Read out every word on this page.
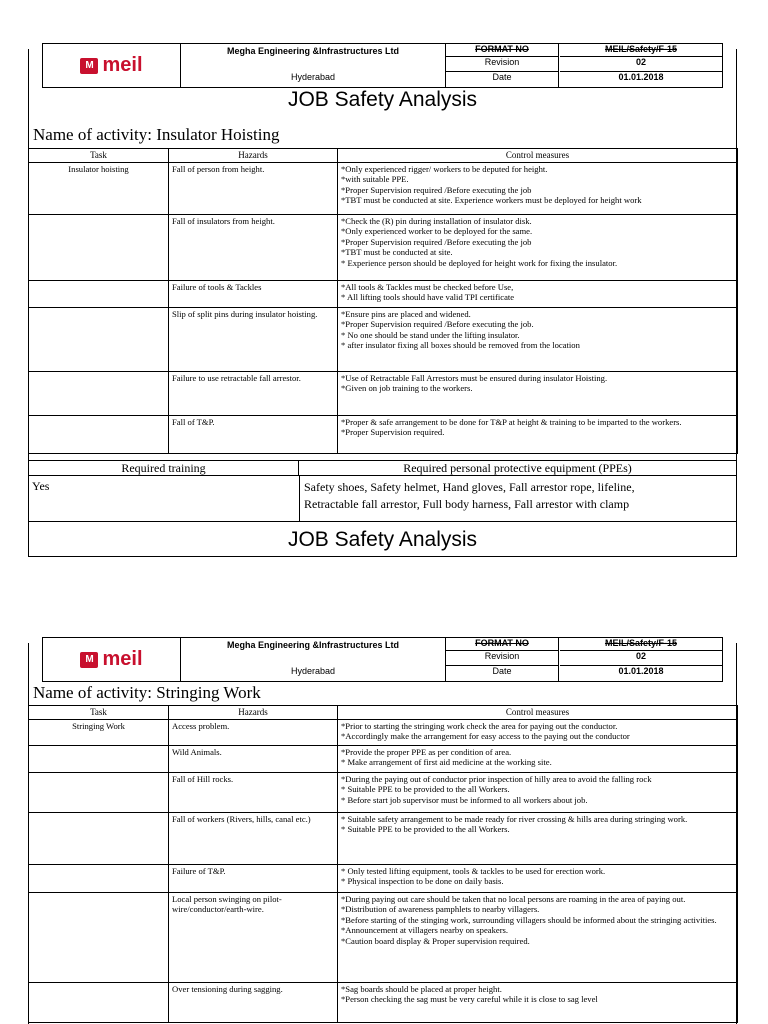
M meil
Megha Engineering &Infrastructures Ltd
Hyderabad
FORMAT NO
Revision
Date
MEIL/Safety/F-15
02
01.01.2018
JOB Safety Analysis
Name of activity: Insulator Hoisting
Task	Hazards	Control measures
Insulator hoisting	Fall of person from height.	*Only experienced rigger/ workers to be deputed for height.
*with suitable PPE.
*Proper Supervision required /Before executing the job
*TBT must be conducted at site. Experience workers must be deployed for height work

	Fall of insulators from height.	*Check the (R) pin during installation of insulator disk.
*Only experienced worker to be deployed for the same.
*Proper Supervision required /Before executing the job
*TBT must be conducted at site.
* Experience person should be deployed for height work for fixing the insulator.

	Failure of tools & Tackles	*All tools & Tackles must be checked before Use,
* All lifting tools should have valid TPI certificate

	Slip of split pins during insulator hoisting.	*Ensure pins are placed and widened.
*Proper Supervision required /Before executing the job.
* No one should be stand under the lifting insulator.
* after insulator fixing all boxes should be removed from the location

	Failure to use retractable fall arrestor.	*Use of Retractable Fall Arrestors must be ensured during insulator Hoisting.
*Given on job training to the workers.

	Fall of T&P.	*Proper & safe arrangement to be done for T&P at height & training to be imparted to the workers.
*Proper Supervision required.
Required training	Required personal protective equipment (PPEs)
Yes	Safety shoes, Safety helmet, Hand gloves, Fall arrestor rope, lifeline,
Retractable fall arrestor, Full body harness, Fall arrestor with clamp
JOB Safety Analysis
M meil
Megha Engineering &Infrastructures Ltd
Hyderabad
FORMAT NO
Revision
Date
MEIL/Safety/F-15
02
01.01.2018
Name of activity: Stringing Work
Task	Hazards	Control measures
Stringing Work	Access problem.	*Prior to starting the stringing work check the area for paying out the conductor.
*Accordingly make the arrangement for easy access to the paying out the conductor

	Wild Animals.	*Provide the proper PPE as per condition of area.
* Make arrangement of first aid medicine at the working site.

	Fall of Hill rocks.	*During the paying out of conductor prior inspection of hilly area to avoid the falling rock
* Suitable PPE to be provided to the all Workers.
* Before start job supervisor must be informed to all workers about job.

	Fall of workers (Rivers, hills, canal etc.)	* Suitable safety arrangement to be made ready for river crossing & hills area during stringing work.
* Suitable PPE to be provided to the all Workers.

	Failure of T&P.	* Only tested lifting equipment, tools & tackles to be used for erection work.
* Physical inspection to be done on daily basis.

	Local person swinging on pilot-wire/conductor/earth-wire.	*During paying out care should be taken that no local persons are roaming in the area of paying out.
*Distribution of awareness pamphlets to nearby villagers.
*Before starting of the stinging work, surrounding villagers should be informed about the stringing activities.
*Announcement at villagers nearby on speakers.
*Caution board display & Proper supervision required.

	Over tensioning during sagging.	*Sag boards should be placed at proper height.
*Person checking the sag must be very careful while it is close to sag level
